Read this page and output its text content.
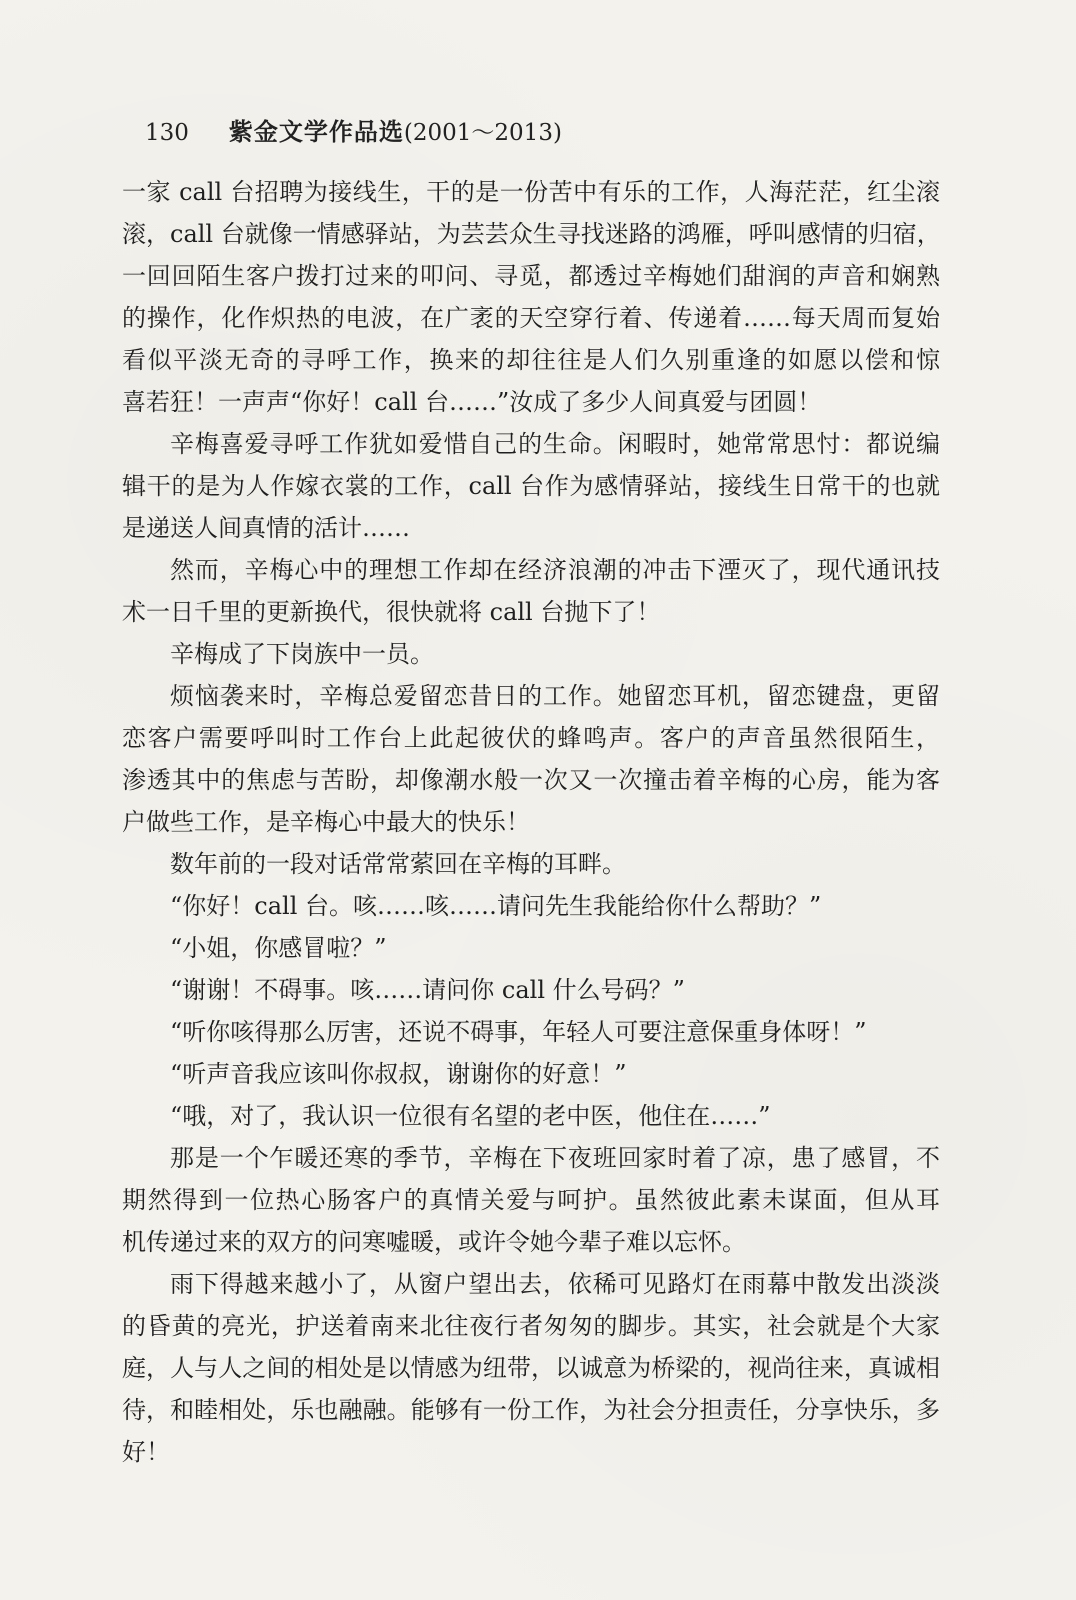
130 紫金文学作品选 (2001～2013)
一家 call 台招聘为接线生，干的是一份苦中有乐的工作，人海茫茫，红尘滚
滚，call 台就像一情感驿站，为芸芸众生寻找迷路的鸿雁，呼叫感情的归宿，
一回回陌生客户拨打过来的叩问、寻觅，都透过辛梅她们甜润的声音和娴熟
的操作，化作炽热的电波，在广袤的天空穿行着、传递着……每天周而复始
看似平淡无奇的寻呼工作，换来的却往往是人们久别重逢的如愿以偿和惊
喜若狂！一声声“你好！call 台……”汝成了多少人间真爱与团圆！
辛梅喜爱寻呼工作犹如爱惜自己的生命。闲暇时，她常常思忖：都说编
辑干的是为人作嫁衣裳的工作，call 台作为感情驿站，接线生日常干的也就
是递送人间真情的活计……
然而，辛梅心中的理想工作却在经济浪潮的冲击下湮灭了，现代通讯技
术一日千里的更新换代，很快就将 call 台抛下了！
辛梅成了下岗族中一员。
烦恼袭来时，辛梅总爱留恋昔日的工作。她留恋耳机，留恋键盘，更留
恋客户需要呼叫时工作台上此起彼伏的蜂鸣声。客户的声音虽然很陌生，
渗透其中的焦虑与苦盼，却像潮水般一次又一次撞击着辛梅的心房，能为客
户做些工作，是辛梅心中最大的快乐！
数年前的一段对话常常萦回在辛梅的耳畔。
“你好！call 台。咳……咳……请问先生我能给你什么帮助？”
“小姐，你感冒啦？”
“谢谢！不碍事。咳……请问你 call 什么号码？”
“听你咳得那么厉害，还说不碍事，年轻人可要注意保重身体呀！”
“听声音我应该叫你叔叔，谢谢你的好意！”
“哦，对了，我认识一位很有名望的老中医，他住在……”
那是一个乍暖还寒的季节，辛梅在下夜班回家时着了凉，患了感冒，不
期然得到一位热心肠客户的真情关爱与呵护。虽然彼此素未谋面，但从耳
机传递过来的双方的问寒嘘暖，或许令她今辈子难以忘怀。
雨下得越来越小了，从窗户望出去，依稀可见路灯在雨幕中散发出淡淡
的昏黄的亮光，护送着南来北往夜行者匆匆的脚步。其实，社会就是个大家
庭，人与人之间的相处是以情感为纽带，以诚意为桥梁的，视尚往来，真诚相
待，和睦相处，乐也融融。能够有一份工作，为社会分担责任，分享快乐，多
好！
